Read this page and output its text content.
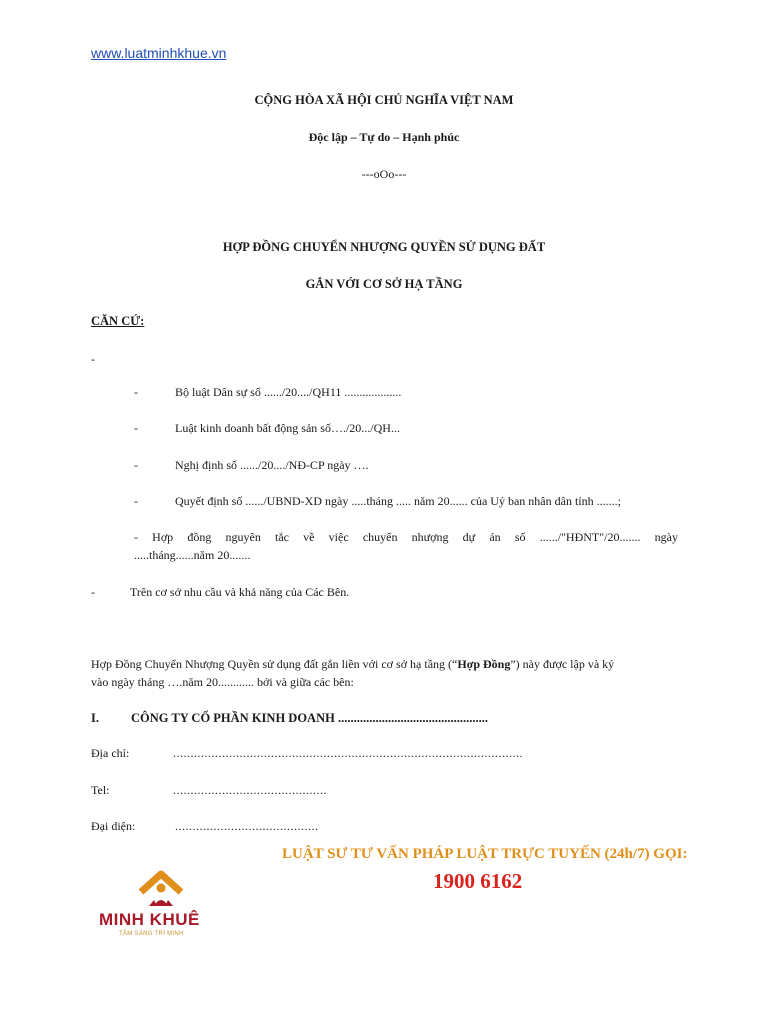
www.luatminhkhue.vn
CỘNG HÒA XÃ HỘI CHỦ NGHĨA VIỆT NAM
Độc lập – Tự do – Hạnh phúc
---oOo---
HỢP ĐỒNG CHUYỂN NHƯỢNG QUYỀN SỬ DỤNG ĐẤT
GẮN VỚI CƠ SỞ HẠ TẦNG
CĂN CỨ:
-
-	Bộ luật Dân sự số ....../20..../QH11 ...................
-	Luật kinh doanh bất động sản số…./20.../QH...
-	Nghị định số ....../20..../NĐ-CP ngày ….
-	Quyết định số ....../UBND-XD ngày .....tháng ..... năm 20...... của Uỷ ban nhân dân tỉnh .......;
- Hợp đồng nguyên tắc về việc chuyển nhượng dự án số ....../"HĐNT"/20....... ngày
.....tháng......năm 20.......
-	Trên cơ sở nhu cầu và khả năng của Các Bên.
Hợp Đồng Chuyển Nhượng Quyền sử dụng đất gắn liền với cơ sở hạ tầng (“Hợp Đồng”) này được lập và ký
vào ngày tháng ….năm 20............ bởi và giữa các bên:
I.	CÔNG TY CỔ PHẦN KINH DOANH ................................................
Địa chỉ:	....................................................................................................
Tel:	............................................
Đại diện:	.........................................
LUẬT SƯ TƯ VẤN PHÁP LUẬT TRỰC TUYẾN (24h/7) GỌI:
1900 6162
MINH KHUÊ
TÂM SÁNG TRÍ MINH
